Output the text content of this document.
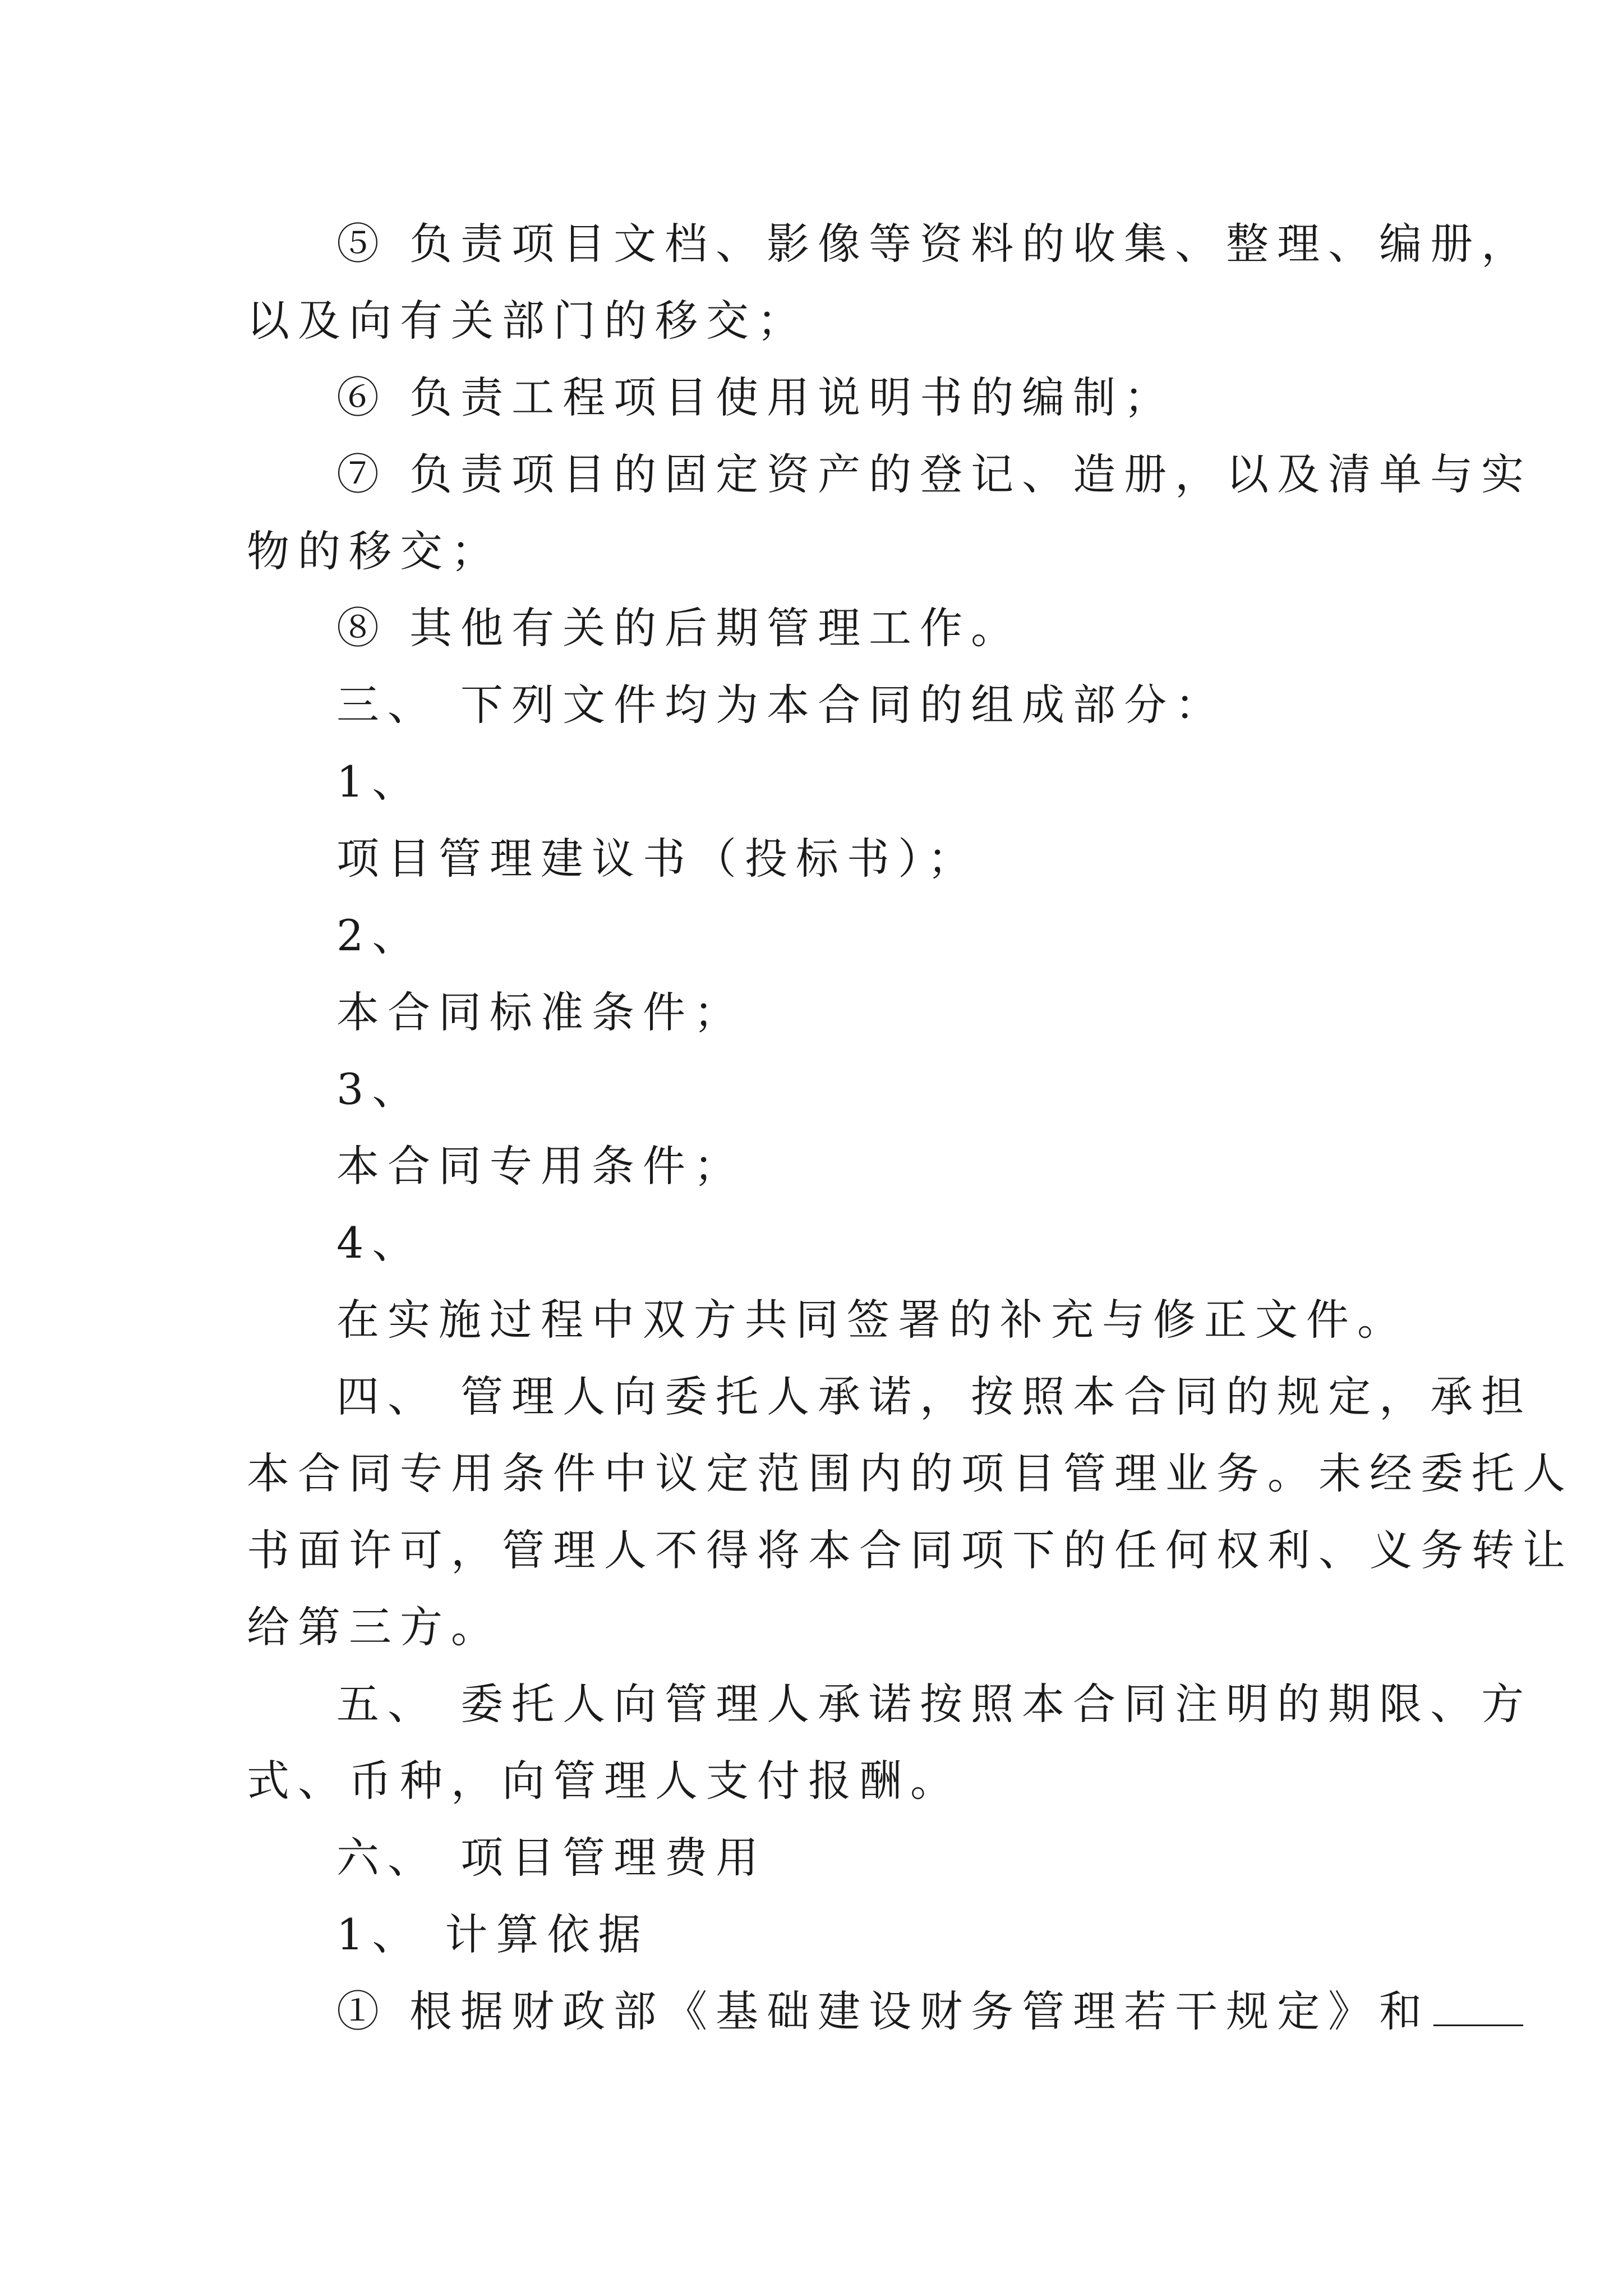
⑤ 负责项目文档、影像等资料的收集、整理、编册，
以及向有关部门的移交；
⑥ 负责工程项目使用说明书的编制；
⑦ 负责项目的固定资产的登记、造册，以及清单与实
物的移交；
⑧ 其他有关的后期管理工作。
三、 下列文件均为本合同的组成部分：
1、
项目管理建议书（投标书）；
2、
本合同标准条件；
3、
本合同专用条件；
4、
在实施过程中双方共同签署的补充与修正文件。
四、 管理人向委托人承诺，按照本合同的规定，承担
本合同专用条件中议定范围内的项目管理业务。未经委托人
书面许可，管理人不得将本合同项下的任何权利、义务转让
给第三方。
五、 委托人向管理人承诺按照本合同注明的期限、方
式、币种，向管理人支付报酬。
六、 项目管理费用
1、 计算依据
① 根据财政部《基础建设财务管理若干规定》和
